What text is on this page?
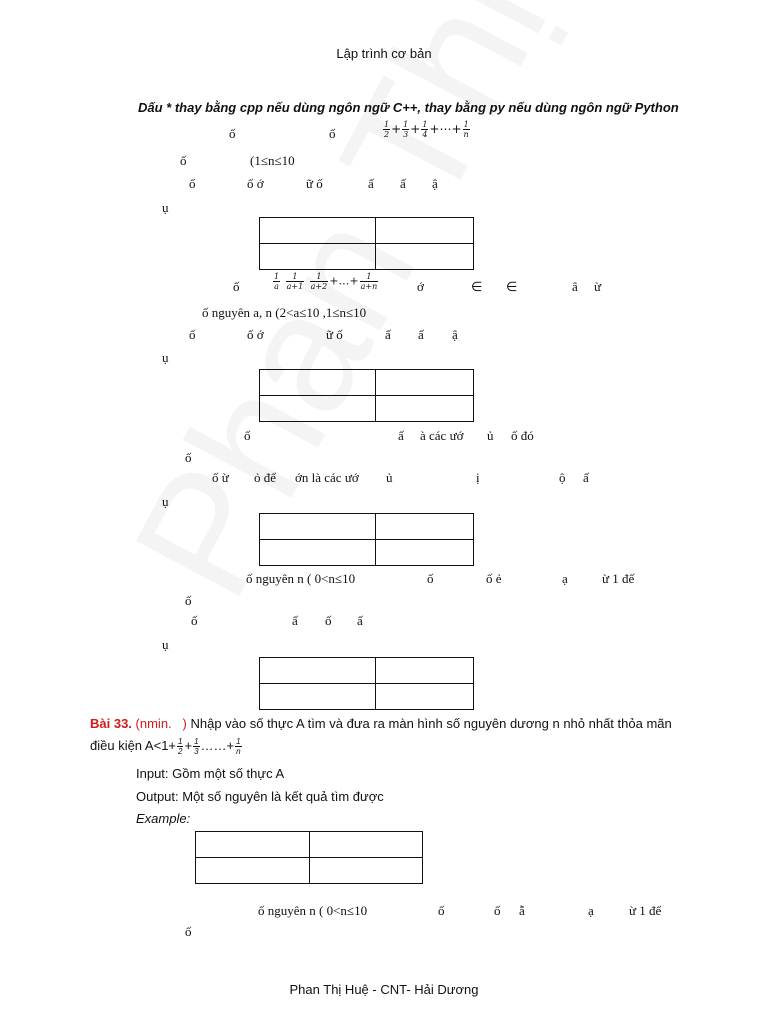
Lập trình cơ bản
Dấu * thay bằng cpp nếu dùng ngôn ngữ C++, thay bằng py nếu dùng ngôn ngữ Python
ố	ố	$\frac{1}{2} + \frac{1}{3} + \frac{1}{4}$ +⋯+ $\frac{1}{n}$
ố	(1≤n≤10
ố	ố ớ	ữ ố	ấ ấ ậ
ụ

ố	$\frac{1}{a}$
$\frac{1}{a+1}$
$\frac{1}{a+2}$ +…+ $\frac{1}{a+n}$	ớ	∈ ∈	â ừ
ố nguyên a, n (2<a≤10 ,1≤n≤10
ố	ố ớ	ữ ố	ấ ấ ậ
ụ

ố	ấ à các ướ ủ ố đó
ố
ố ừ ỏ để ớn là các ướ ủ	ị	ộ ấ
ụ

ố nguyên n ( 0<n≤10	ố	ố ẻ	ạ	ừ 1 đế
ố
ố	ấ ố ấ
ụ

Bài 33. (nmin.   ) Nhập vào số thực A tìm và đưa ra màn hình số nguyên dương n nhỏ nhất thỏa mãn
điều kiện $A<1+ \frac{1}{2} + \frac{1}{3}$ ……+ $\frac{1}{n}$
Input: Gồm một số thực A
Output: Một số nguyên là kết quả tìm được
Example:

ố nguyên n ( 0<n≤10	ố	ố ẫ	ạ	ừ 1 đế
ố
Phan Thị Huệ - CNT- Hải Dương
